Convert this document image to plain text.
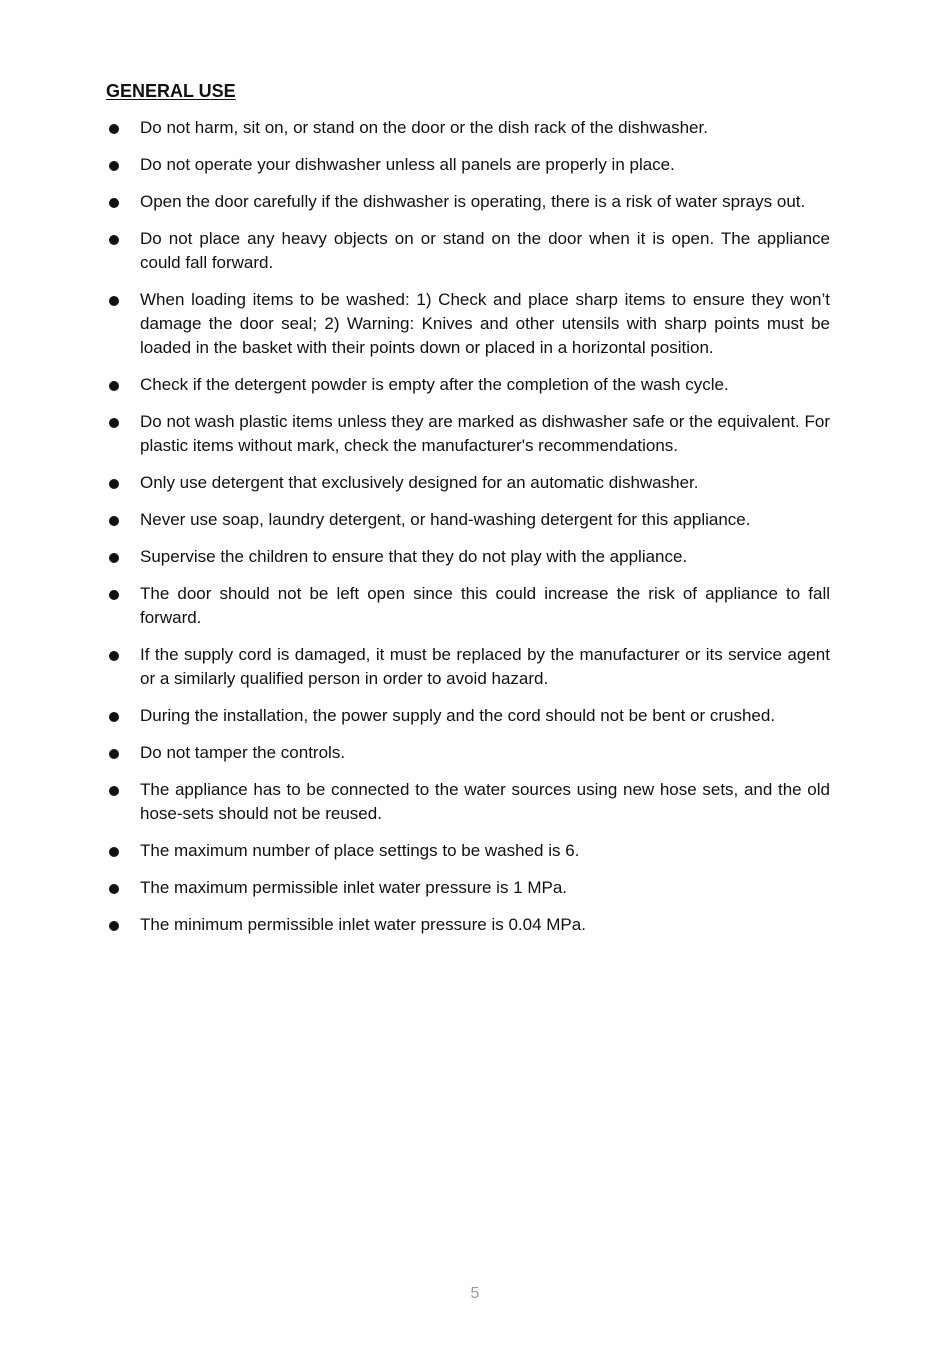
GENERAL USE
Do not harm, sit on, or stand on the door or the dish rack of the dishwasher.
Do not operate your dishwasher unless all panels are properly in place.
Open the door carefully if the dishwasher is operating, there is a risk of water sprays out.
Do not place any heavy objects on or stand on the door when it is open. The appliance could fall forward.
When loading items to be washed: 1) Check and place sharp items to ensure they won’t damage the door seal; 2) Warning: Knives and other utensils with sharp points must be loaded in the basket with their points down or placed in a horizontal position.
Check if the detergent powder is empty after the completion of the wash cycle.
Do not wash plastic items unless they are marked as dishwasher safe or the equivalent. For plastic items without mark, check the manufacturer's recommendations.
Only use detergent that exclusively designed for an automatic dishwasher.
Never use soap, laundry detergent, or hand-washing detergent for this appliance.
Supervise the children to ensure that they do not play with the appliance.
The door should not be left open since this could increase the risk of appliance to fall forward.
If the supply cord is damaged, it must be replaced by the manufacturer or its service agent or a similarly qualified person in order to avoid hazard.
During the installation, the power supply and the cord should not be bent or crushed.
Do not tamper the controls.
The appliance has to be connected to the water sources using new hose sets, and the old hose-sets should not be reused.
The maximum number of place settings to be washed is 6.
The maximum permissible inlet water pressure is 1 MPa.
The minimum permissible inlet water pressure is 0.04 MPa.
5
